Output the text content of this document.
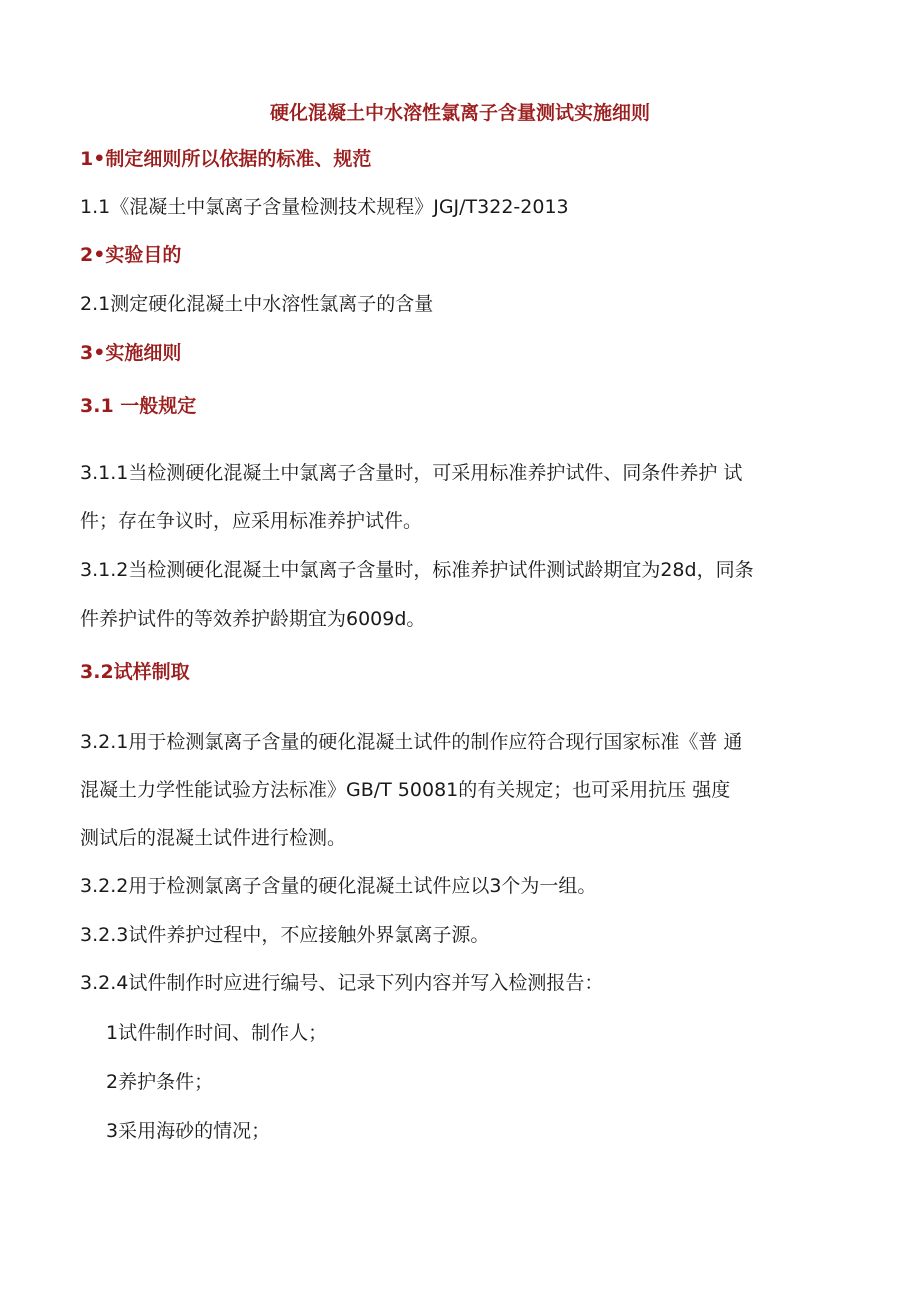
硬化混凝土中水溶性氯离子含量测试实施细则
1•制定细则所以依据的标准、规范
1.1《混凝土中氯离子含量检测技术规程》JGJ/T322-2013
2•实验目的
2.1测定硬化混凝土中水溶性氯离子的含量
3•实施细则
3.1 一般规定
3.1.1当检测硬化混凝土中氯离子含量时，可采用标准养护试件、同条件养护 试
件；存在争议时，应采用标准养护试件。
3.1.2当检测硬化混凝土中氯离子含量时，标准养护试件测试龄期宜为28d，同条
件养护试件的等效养护龄期宜为6009d。
3.2试样制取
3.2.1用于检测氯离子含量的硬化混凝土试件的制作应符合现行国家标准《普 通
混凝土力学性能试验方法标准》GB/T 50081的有关规定；也可采用抗压 强度
测试后的混凝土试件进行检测。
3.2.2用于检测氯离子含量的硬化混凝土试件应以3个为一组。
3.2.3试件养护过程中，不应接触外界氯离子源。
3.2.4试件制作时应进行编号、记录下列内容并写入检测报告：
1试件制作时间、制作人；
2养护条件；
3采用海砂的情况；
